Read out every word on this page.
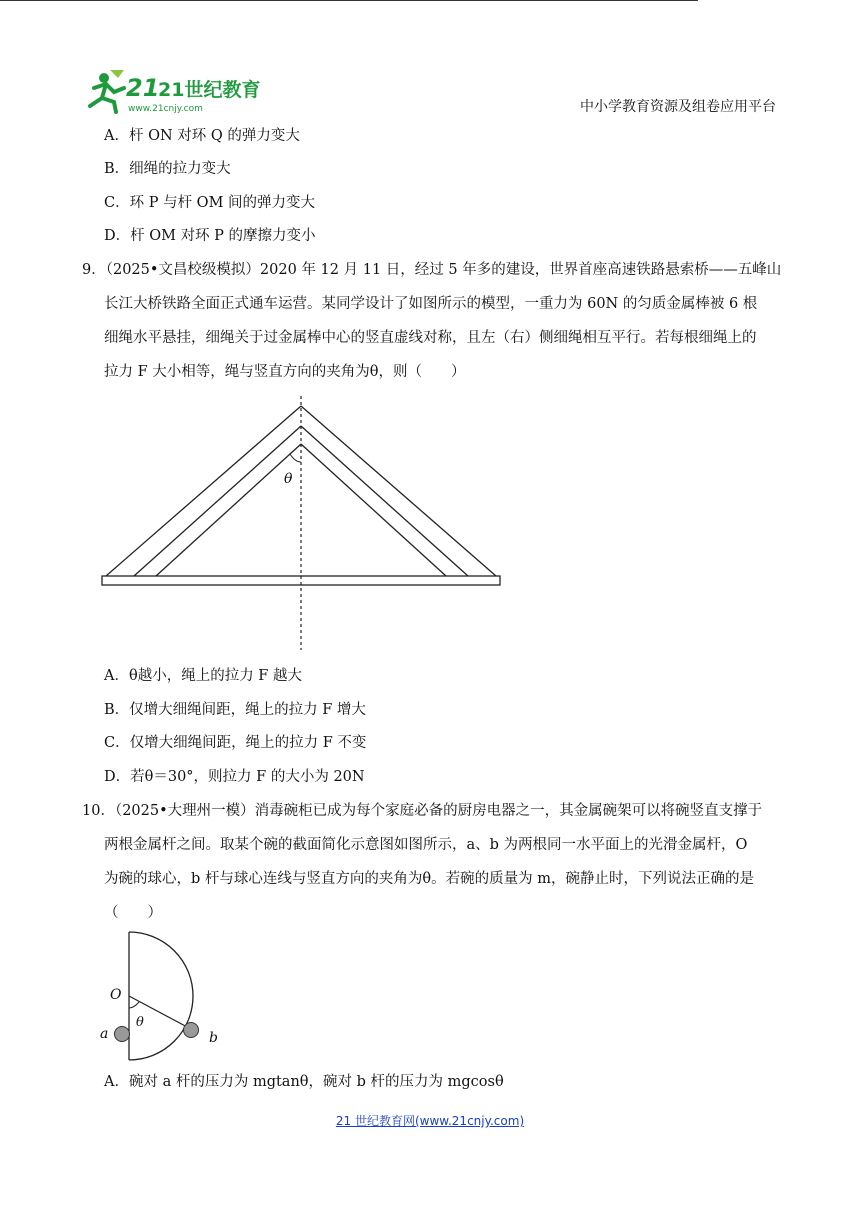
21
21世纪教育
www.21cnjy.com	中小学教育资源及组卷应用平台
A．杆 ON 对环 Q 的弹力变大
B．细绳的拉力变大
C．环 P 与杆 OM 间的弹力变大
D．杆 OM 对环 P 的摩擦力变小
9．（2025•文昌校级模拟）2020 年 12 月 11 日，经过 5 年多的建设，世界首座高速铁路悬索桥——五峰山
长江大桥铁路全面正式通车运营。某同学设计了如图所示的模型，一重力为 60N 的匀质金属棒被 6 根
细绳水平悬挂，细绳关于过金属棒中心的竖直虚线对称，且左（右）侧细绳相互平行。若每根细绳上的
拉力 F 大小相等，绳与竖直方向的夹角为θ，则（　　）
θ
A．θ越小，绳上的拉力 F 越大
B．仅增大细绳间距，绳上的拉力 F 增大
C．仅增大细绳间距，绳上的拉力 F 不变
D．若θ＝30°，则拉力 F 的大小为 20N
10．（2025•大理州一模）消毒碗柜已成为每个家庭必备的厨房电器之一，其金属碗架可以将碗竖直支撑于
两根金属杆之间。取某个碗的截面简化示意图如图所示，a、b 为两根同一水平面上的光滑金属杆，O
为碗的球心，b 杆与球心连线与竖直方向的夹角为θ。若碗的质量为 m，碗静止时，下列说法正确的是
（　　）
O
θ
a	b
A．碗对 a 杆的压力为 mgtanθ，碗对 b 杆的压力为 mgcosθ
21 世纪教育网(www.21cnjy.com)
